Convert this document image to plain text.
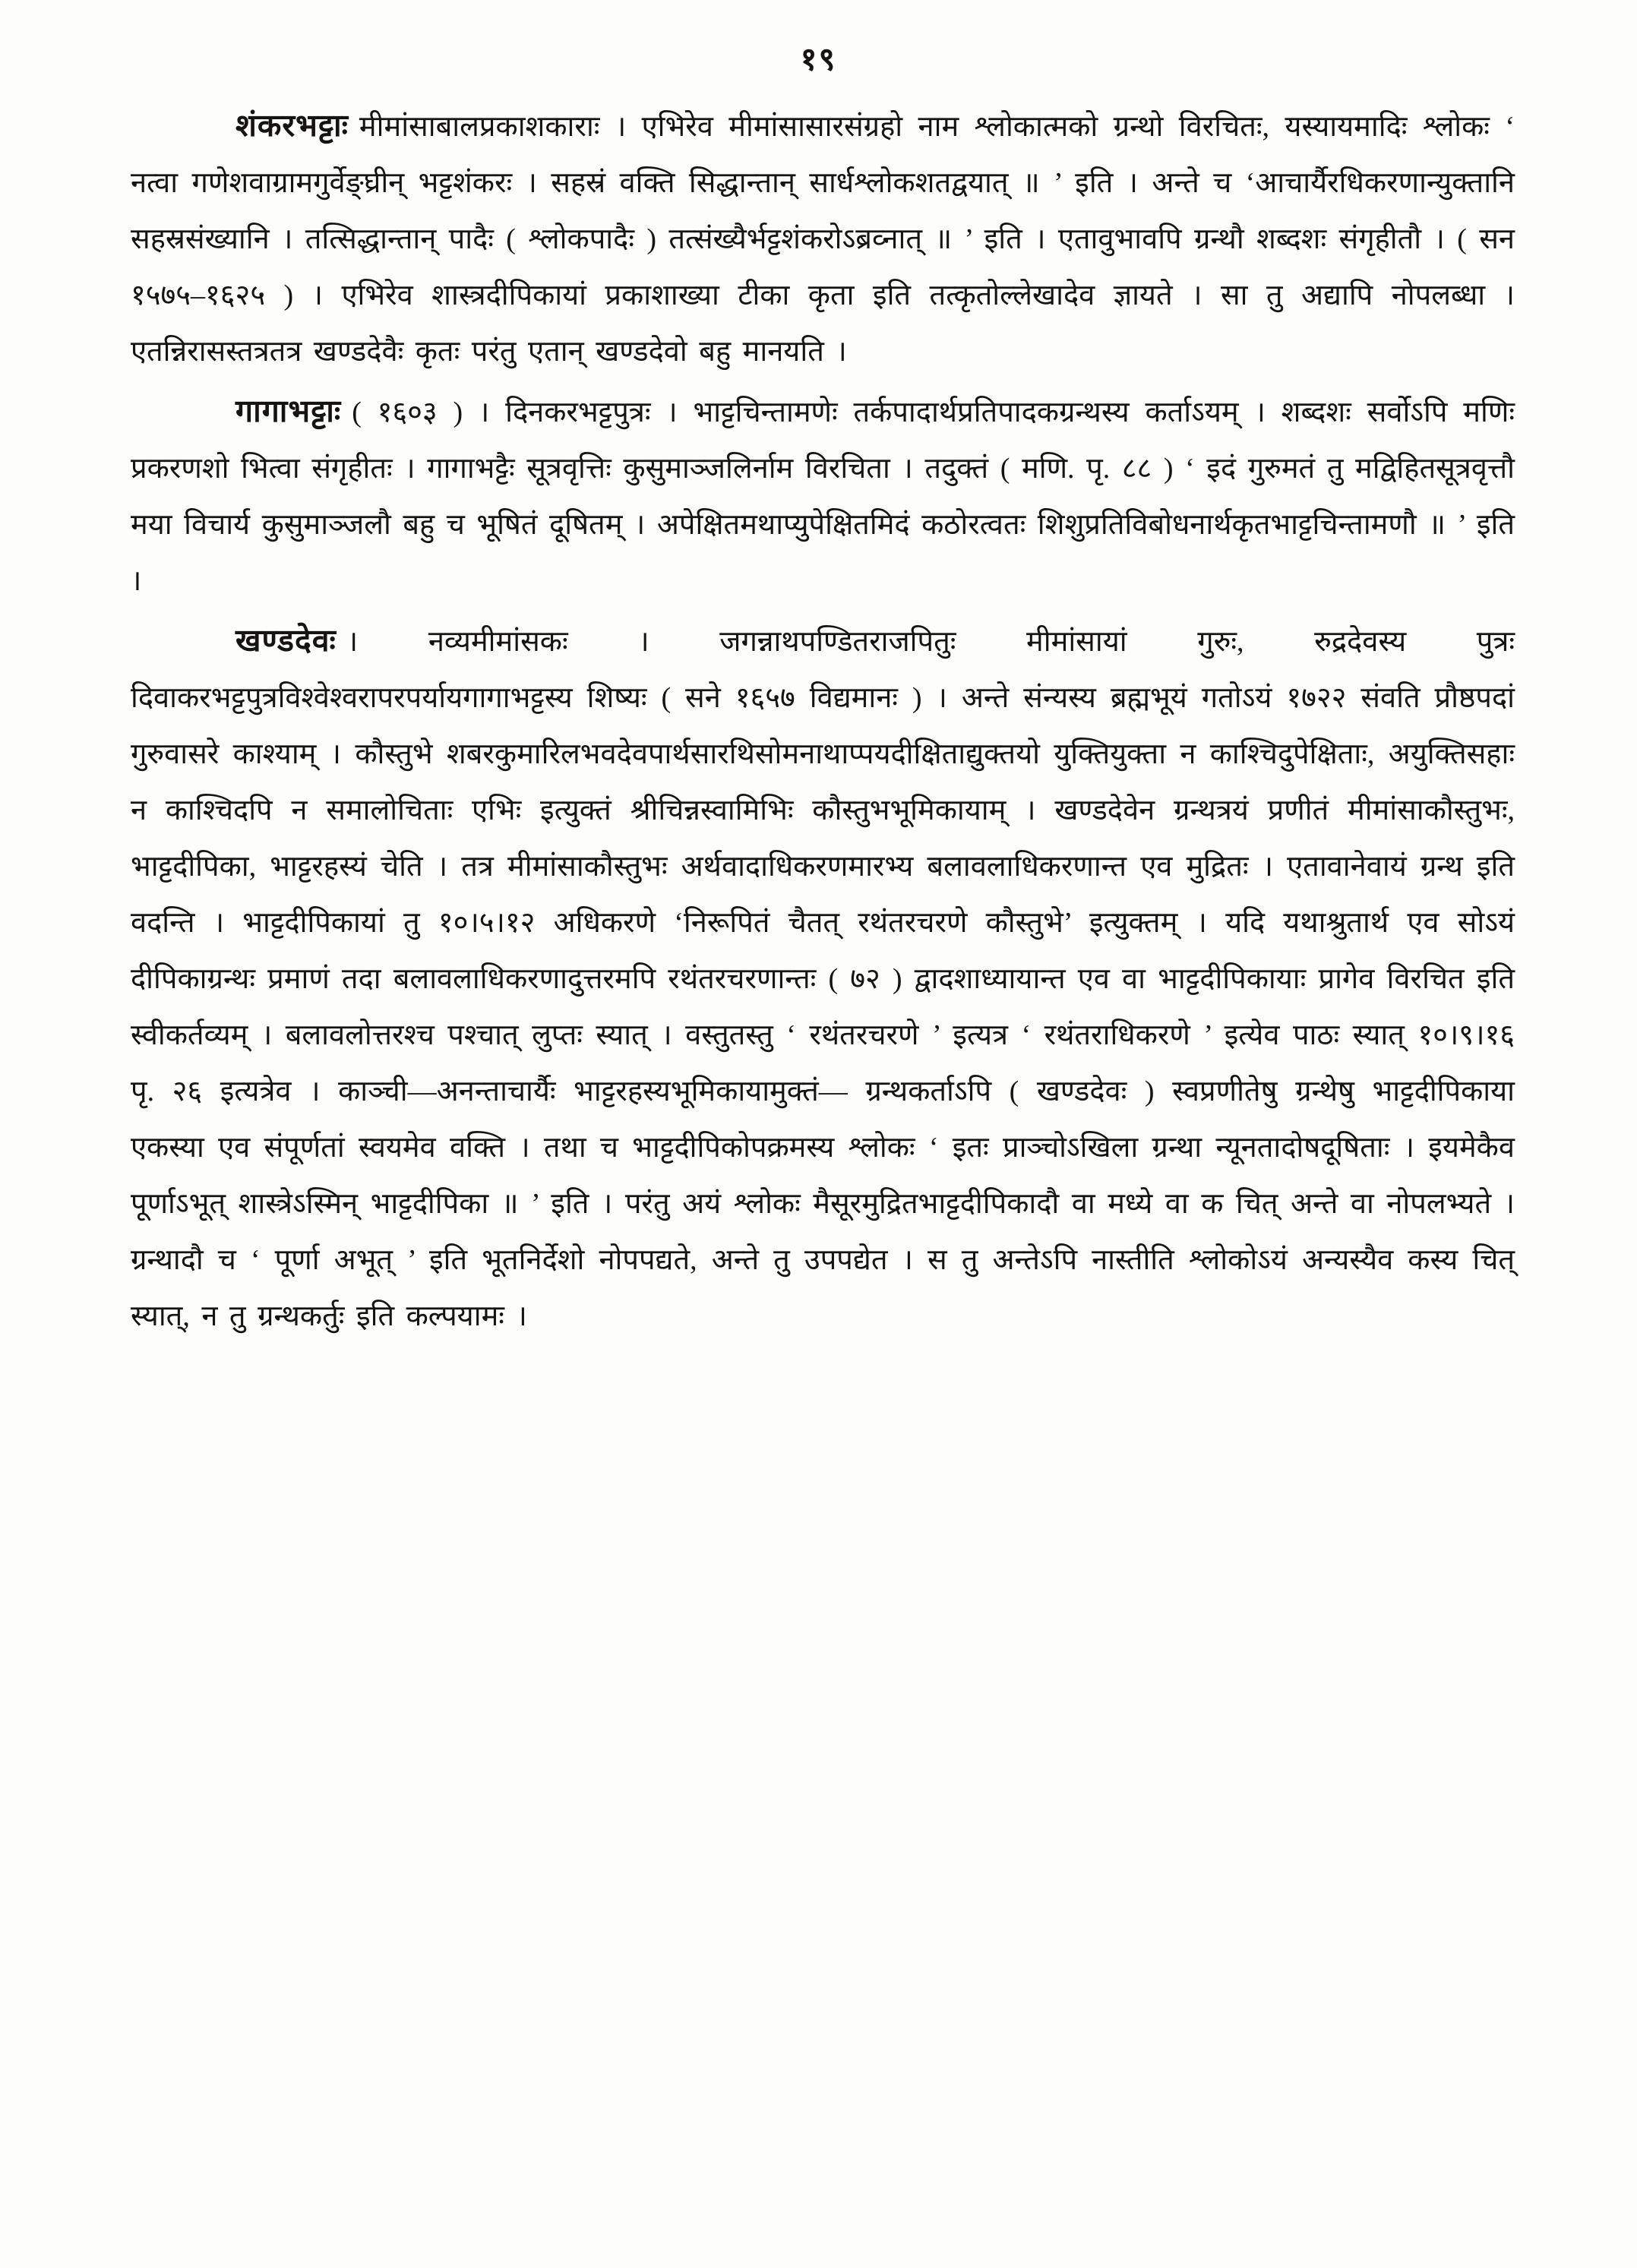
१९

शंकरभट्टाः मीमांसाबालप्रकाशकाराः । एभिरेव मीमांसासारसंग्रहो नाम श्लोकात्मको ग्रन्थो विरचितः, यस्यायमादिः श्लोकः ‘ नत्वा गणेशवाग्रामगुर्वेङ्घ्रीन् भट्टशंकरः । सहस्रं वक्ति सिद्धान्तान् सार्धश्लोकशतद्वयात् ॥ ’ इति । अन्ते च ‘आचार्यैरधिकरणान्युक्तानि सहस्रसंख्यानि । तत्सिद्धान्तान् पादैः ( श्लोकपादैः ) तत्संख्यैर्भट्टशंकरोऽब्रव्नात् ॥ ’ इति । एतावुभावपि ग्रन्थौ शब्दशः संगृहीतौ । ( सन १५७५–१६२५ ) । एभिरेव शास्त्रदीपिकायां प्रकाशाख्या टीका कृता इति तत्कृतोल्लेखादेव ज्ञायते । सा तु अद्यापि नोपलब्धा । एतन्निरासस्तत्रतत्र खण्डदेवैः कृतः परंतु एतान् खण्डदेवो बहु मानयति ।

गागाभट्टाः ( १६०३ ) । दिनकरभट्टपुत्रः । भाट्टचिन्तामणेः तर्कपादार्थप्रतिपादकग्रन्थस्य कर्ताऽयम् । शब्दशः सर्वोऽपि मणिः प्रकरणशो भित्वा संगृहीतः । गागाभट्टैः सूत्रवृत्तिः कुसुमाञ्जलिर्नाम विरचिता । तदुक्तं ( मणि. पृ. ८८ ) ‘ इदं गुरुमतं तु मद्विहितसूत्रवृत्तौ मया विचार्य कुसुमाञ्जलौ बहु च भूषितं दूषितम् । अपेक्षितमथाप्युपेक्षितमिदं कठोरत्वतः शिशुप्रतिविबोधनार्थकृतभाट्टचिन्तामणौ ॥ ’ इति ।

खण्डदेवः । नव्यमीमांसकः । जगन्नाथपण्डितराजपितुः मीमांसायां गुरुः, रुद्रदेवस्य पुत्रः दिवाकरभट्टपुत्रविश्वेश्वरापरपर्यायगागाभट्टस्य शिष्यः ( सने १६५७ विद्यमानः ) । अन्ते संन्यस्य ब्रह्मभूयं गतोऽयं १७२२ संवति प्रौष्ठपदां गुरुवासरे काश्याम् । कौस्तुभे शबरकुमारिलभवदेवपार्थसारथिसोमनाथाप्पयदीक्षिताद्युक्तयो युक्तियुक्ता न काश्चिदुपेक्षिताः, अयुक्तिसहाः न काश्चिदपि न समालोचिताः एभिः इत्युक्तं श्रीचिन्नस्वामिभिः कौस्तुभभूमिकायाम् । खण्डदेवेन ग्रन्थत्रयं प्रणीतं मीमांसाकौस्तुभः, भाट्टदीपिका, भाट्टरहस्यं चेति । तत्र मीमांसाकौस्तुभः अर्थवादाधिकरणमारभ्य बलावलाधिकरणान्त एव मुद्रितः । एतावानेवायं ग्रन्थ इति वदन्ति । भाट्टदीपिकायां तु १०।५।१२ अधिकरणे ‘निरूपितं चैतत् रथंतरचरणे कौस्तुभे’ इत्युक्तम् । यदि यथाश्रुतार्थ एव सोऽयं दीपिकाग्रन्थः प्रमाणं तदा बलावलाधिकरणादुत्तरमपि रथंतरचरणान्तः ( ७२ ) द्वादशाध्यायान्त एव वा भाट्टदीपिकायाः प्रागेव विरचित इति स्वीकर्तव्यम् । बलावलोत्तरश्च पश्चात् लुप्तः स्यात् । वस्तुतस्तु ‘ रथंतरचरणे ’ इत्यत्र ‘ रथंतराधिकरणे ’ इत्येव पाठः स्यात् १०।९।१६ पृ. २६ इत्यत्रेव । काञ्ची—अनन्ताचार्यैः भाट्टरहस्यभूमिकायामुक्तं— ग्रन्थकर्ताऽपि ( खण्डदेवः ) स्वप्रणीतेषु ग्रन्थेषु भाट्टदीपिकाया एकस्या एव संपूर्णतां स्वयमेव वक्ति । तथा च भाट्टदीपिकोपक्रमस्य श्लोकः ‘ इतः प्राञ्चोऽखिला ग्रन्था न्यूनतादोषदूषिताः । इयमेकैव पूर्णाऽभूत् शास्त्रेऽस्मिन् भाट्टदीपिका ॥ ’ इति । परंतु अयं श्लोकः मैसूरमुद्रितभाट्टदीपिकादौ वा मध्ये वा क चित् अन्ते वा नोपलभ्यते । ग्रन्थादौ च ‘ पूर्णा अभूत् ’ इति भूतनिर्देशो नोपपद्यते, अन्ते तु उपपद्येत । स तु अन्तेऽपि नास्तीति श्लोकोऽयं अन्यस्यैव कस्य चित् स्यात्, न तु ग्रन्थकर्तुः इति कल्पयामः ।
